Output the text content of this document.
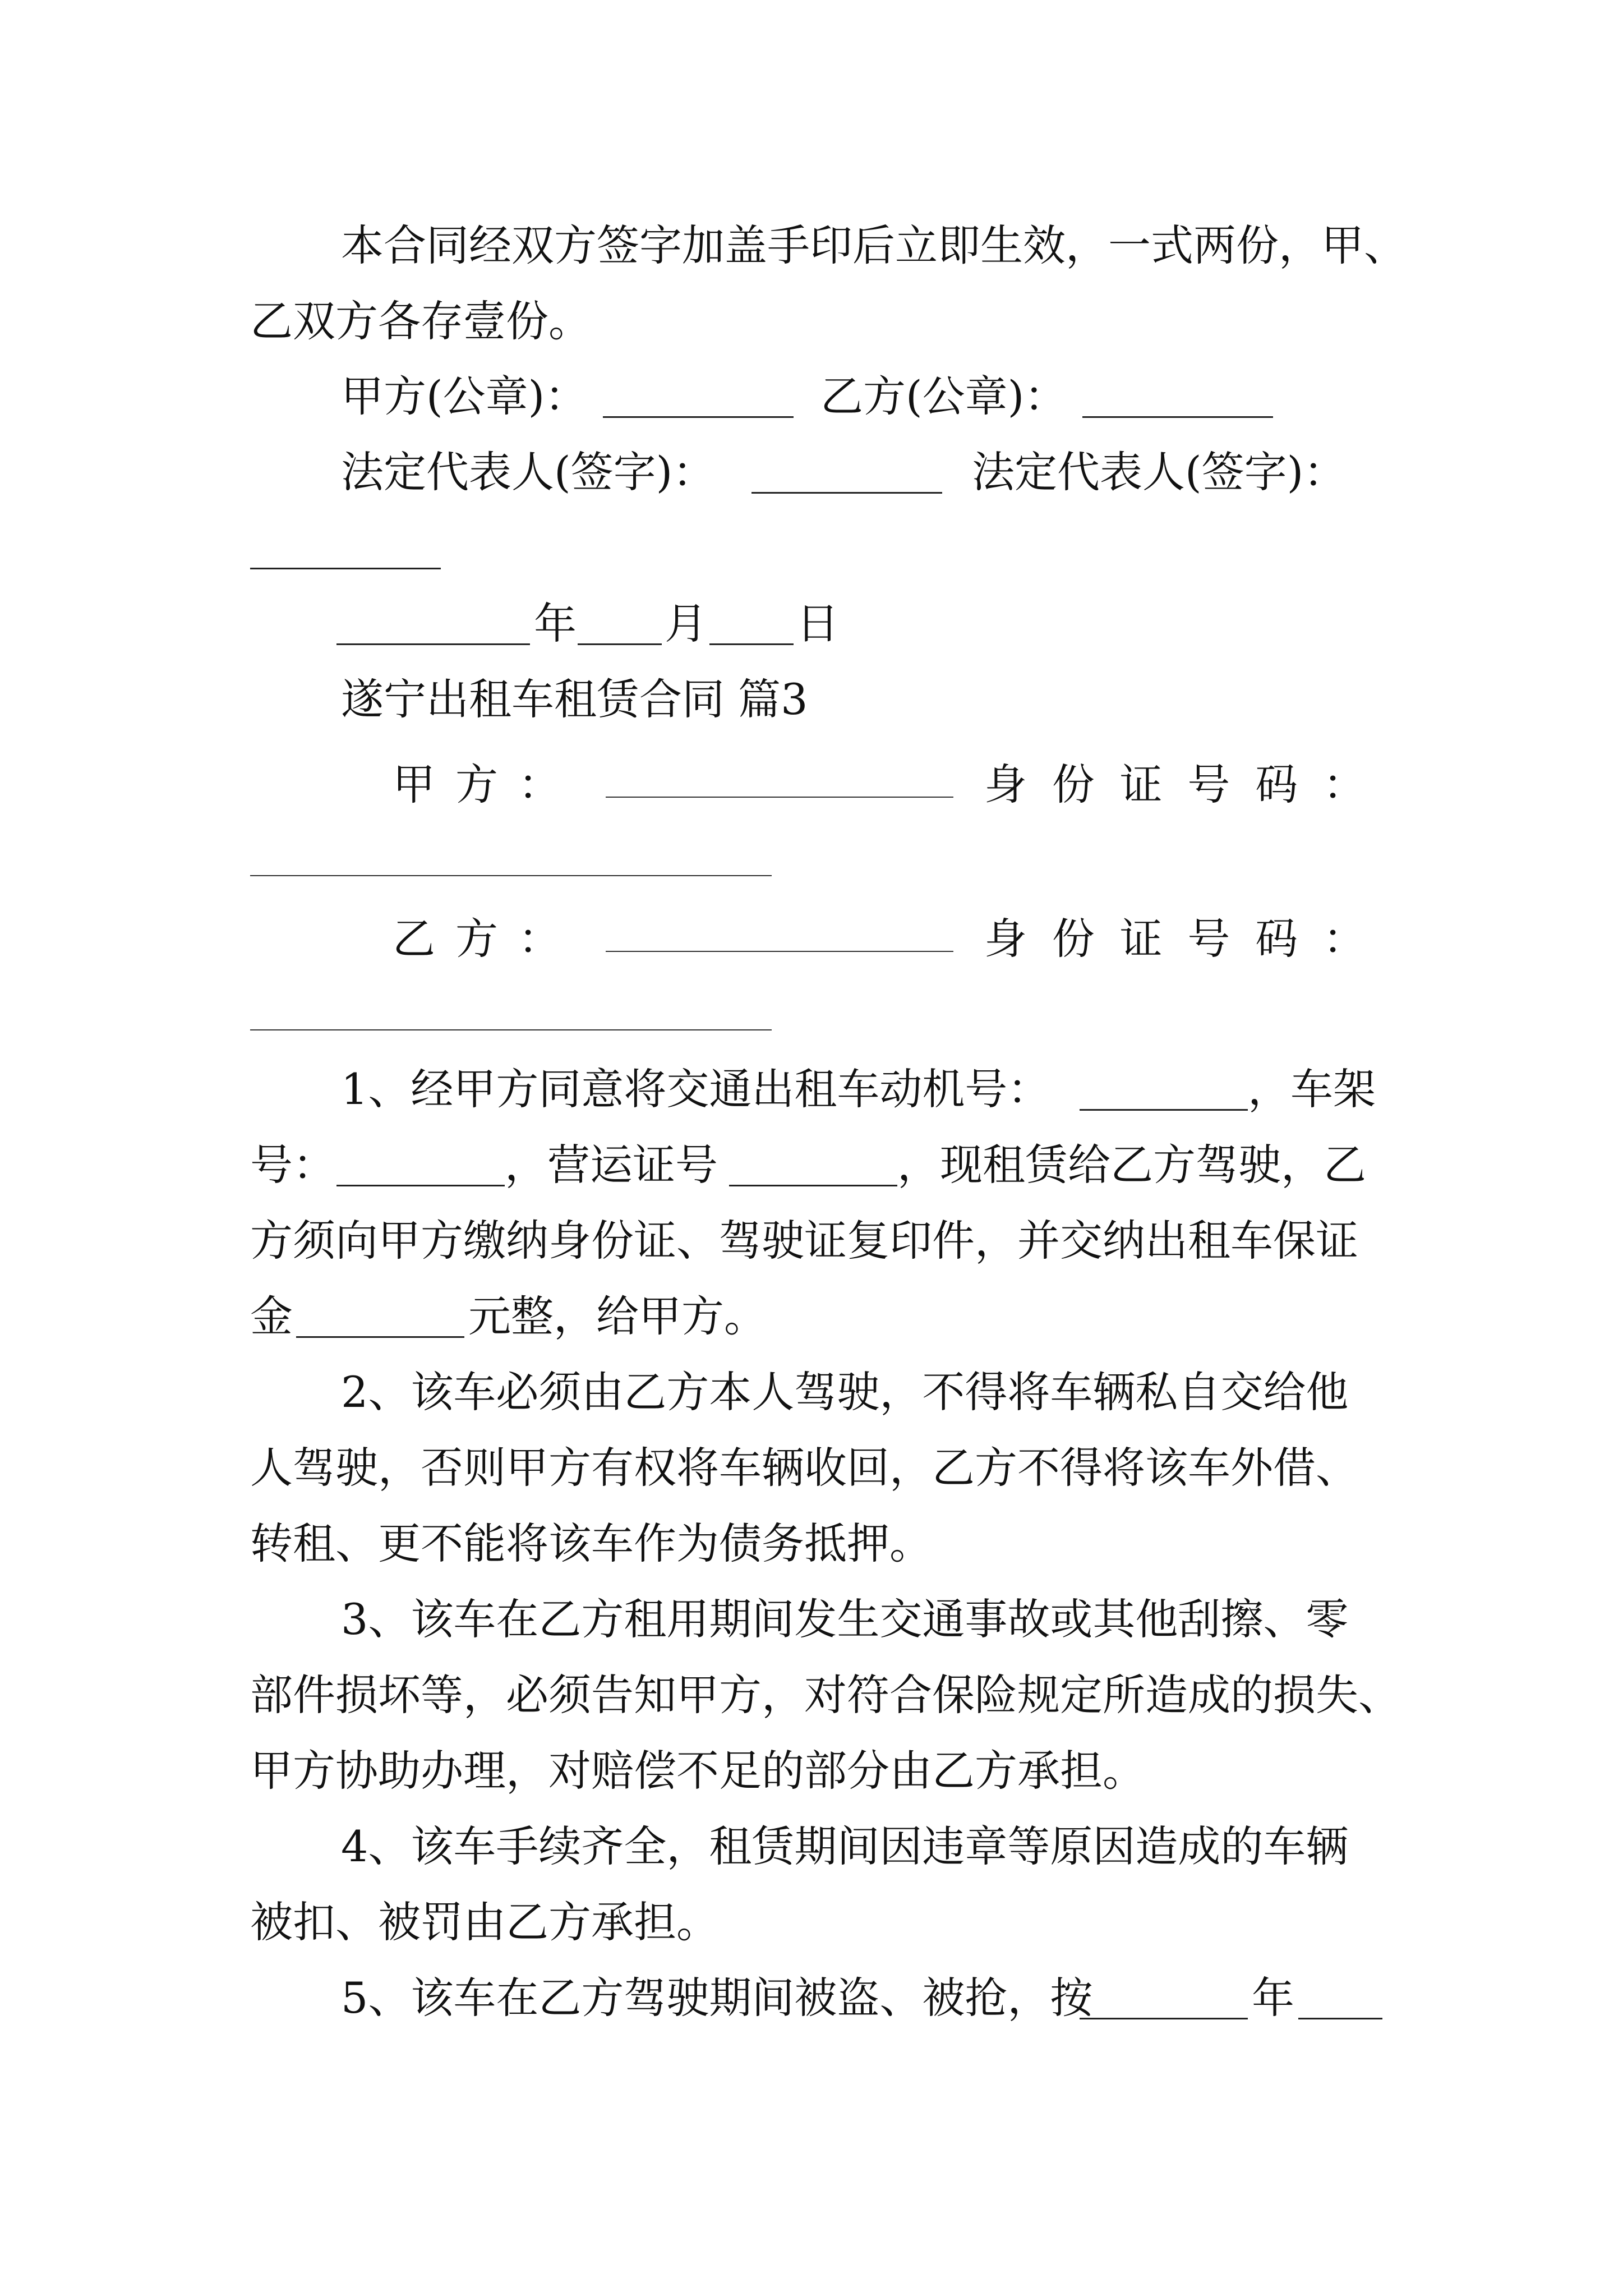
本合同经双方签字加盖手印后立即生效，一式两份，甲、
乙双方各存壹份。
甲方(公章)：	乙方(公章)：
法定代表人(签字)：	法定代表人(签字)：
年 月 日
遂宁出租车租赁合同 篇3
甲 方 ：	身 份 证 号 码 ：
乙 方 ：	身 份 证 号 码 ：
1、经甲方同意将交通出租车动机号：	，车架
号：	，营运证号	，现租赁给乙方驾驶，乙
方须向甲方缴纳身份证、驾驶证复印件，并交纳出租车保证
金	元整，给甲方。
2、该车必须由乙方本人驾驶，不得将车辆私自交给他
人驾驶，否则甲方有权将车辆收回，乙方不得将该车外借、
转租、更不能将该车作为债务抵押。
3、该车在乙方租用期间发生交通事故或其他刮擦、零
部件损坏等，必须告知甲方，对符合保险规定所造成的损失、
甲方协助办理，对赔偿不足的部分由乙方承担。
4、该车手续齐全，租赁期间因违章等原因造成的车辆
被扣、被罚由乙方承担。
5、该车在乙方驾驶期间被盗、被抢，按	年
